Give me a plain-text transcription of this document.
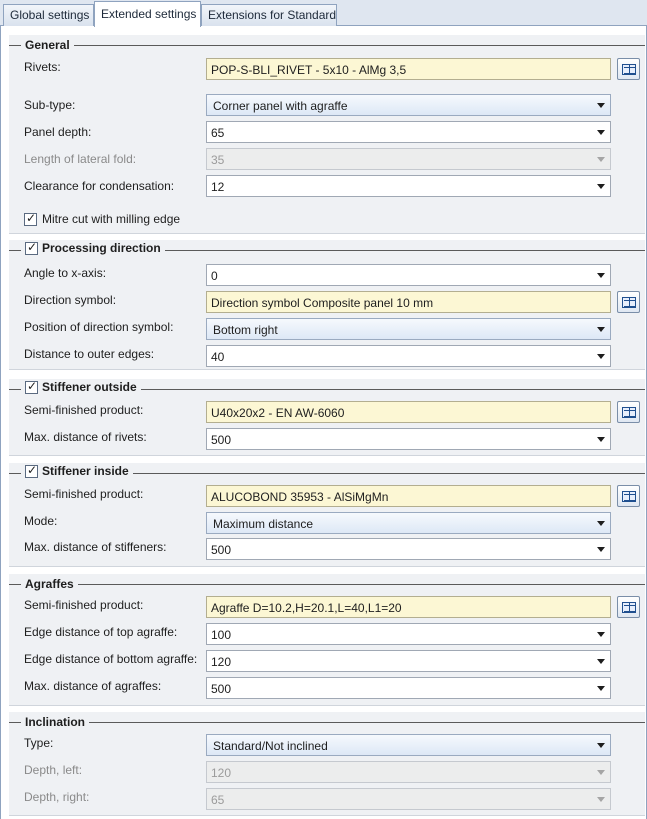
Global settings Extended settings Extensions for Standard
General
Rivets:	POP-S-BLI_RIVET - 5x10 - AlMg 3,5
Sub-type:	Corner panel with agraffe
Panel depth:	65
Length of lateral fold:	35
Clearance for condensation:	12
✓
Mitre cut with milling edge
✓
Processing direction
Angle to x-axis:	0
Direction symbol:	Direction symbol Composite panel 10 mm
Position of direction symbol:	Bottom right
Distance to outer edges:	40
✓
Stiffener outside
Semi-finished product:	U40x20x2 - EN AW-6060
Max. distance of rivets:	500
✓
Stiffener inside
Semi-finished product:	ALUCOBOND 35953 - AlSiMgMn
Mode:	Maximum distance
Max. distance of stiffeners:	500
Agraffes
Semi-finished product:	Agraffe D=10.2,H=20.1,L=40,L1=20
Edge distance of top agraffe:	100
Edge distance of bottom agraffe:	120
Max. distance of agraffes:	500
Inclination
Type:	Standard/Not inclined
Depth, left:	120
Depth, right:	65
